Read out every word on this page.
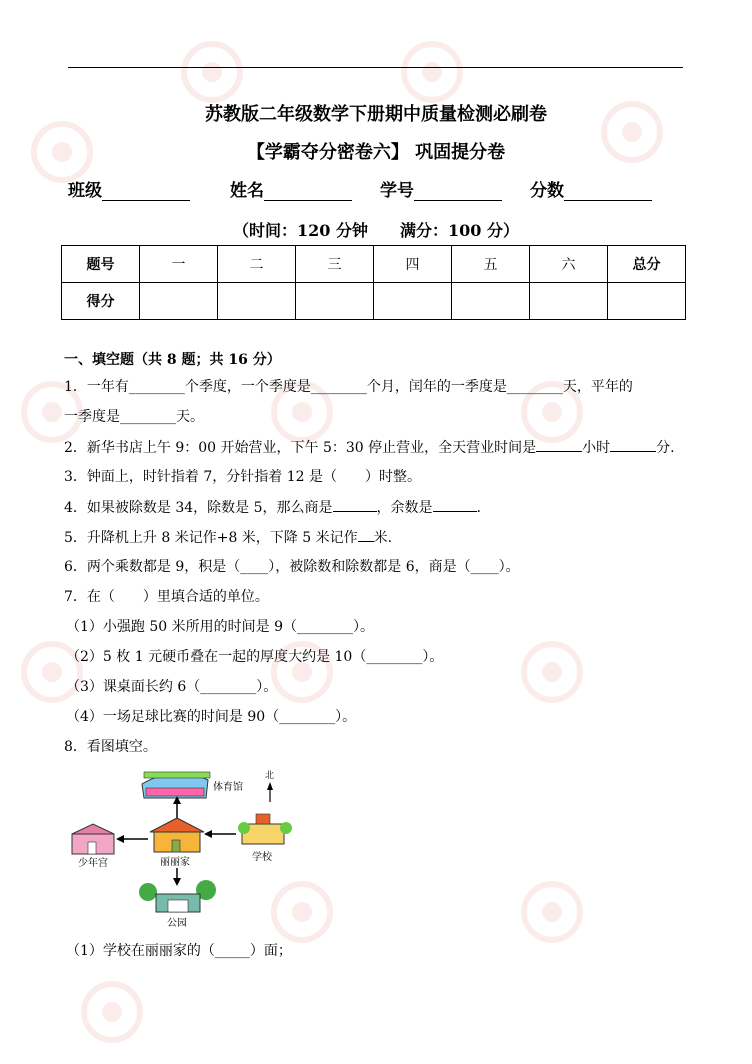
苏教版二年级数学下册期中质量检测必刷卷
【学霸夺分密卷六】 巩固提分卷
班级	姓名	学号	分数
（时间：120 分钟　　满分：100 分）
题号	一	二	三	四	五	六	总分
得分							
一、填空题（共 8 题；共 16 分）
1．一年有________个季度，一个季度是________个月，闰年的一季度是________天，平年的
一季度是________天。
2．新华书店上午 9：00 开始营业，下午 5：30 停止营业，全天营业时间是	小时	分.
3．钟面上，时针指着 7，分针指着 12 是（　　）时整。
4．如果被除数是 34，除数是 5，那么商是	，余数是	.
5．升降机上升 8 米记作+8 米，下降 5 米记作 米.
6．两个乘数都是 9，积是（____），被除数和除数都是 6，商是（____）。
7．在（　　）里填合适的单位。
（1）小强跑 50 米所用的时间是 9（________）。
（2）5 枚 1 元硬币叠在一起的厚度大约是 10（________）。
（3）课桌面长约 6（________）。
（4）一场足球比赛的时间是 90（________）。
8．看图填空。
体育馆
北
少年宫	丽丽家	学校
公园
（1）学校在丽丽家的（_____）面；
